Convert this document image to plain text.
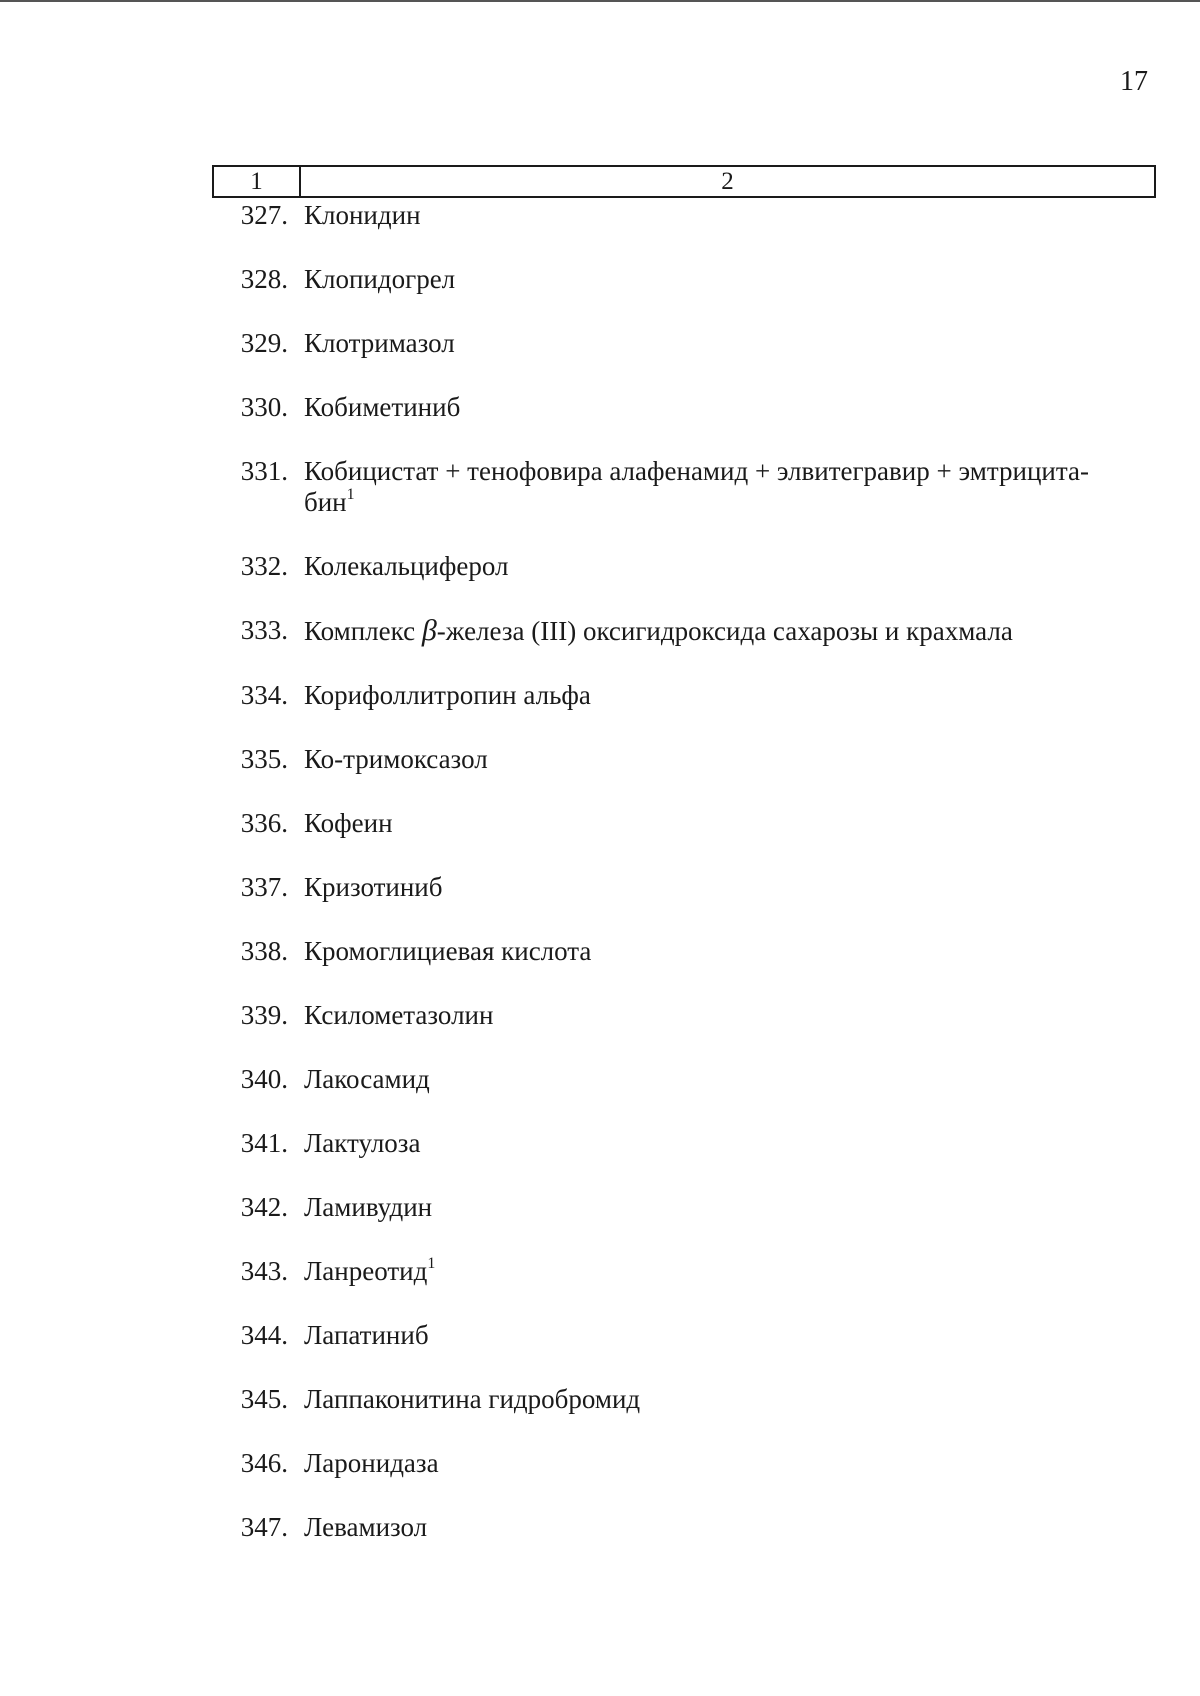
17
1	2
327. Клонидин
328. Клопидогрел
329. Клотримазол
330. Кобиметиниб
331. Кобицистат + тенофовира алафенамид + элвитегравир + эмтрицита-
бин$^1$
332. Колекальциферол
333. Комплекс β-железа (III) оксигидроксида сахарозы и крахмала
334. Корифоллитропин альфа
335. Ко-тримоксазол
336. Кофеин
337. Кризотиниб
338. Кромоглициевая кислота
339. Ксилометазолин
340. Лакосамид
341. Лактулоза
342. Ламивудин
343. Ланреотид$^1$
344. Лапатиниб
345. Лаппаконитина гидробромид
346. Ларонидаза
347. Левамизол
